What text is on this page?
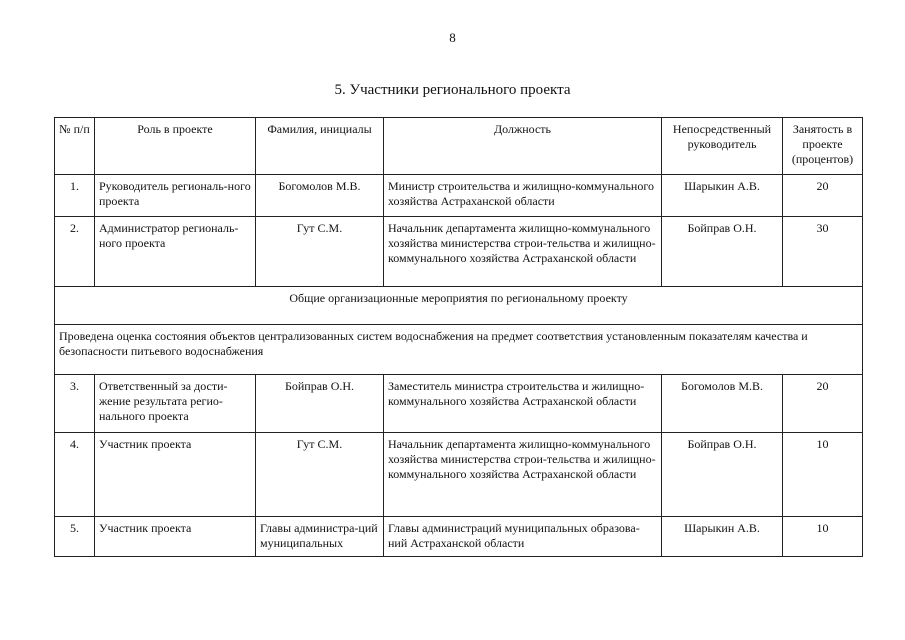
8
5. Участники регионального проекта
№ п/п	Роль в проекте	Фамилия, инициалы	Должность	Непосредственный руководитель	Занятость в проекте (процентов)
1.	Руководитель региональ-ного проекта	Богомолов М.В.	Министр строительства и жилищно-коммунального хозяйства Астраханской области	Шарыкин А.В.	20
2.	Администратор региональ-ного проекта	Гут С.М.	Начальник департамента жилищно-коммунального хозяйства министерства строи-тельства и жилищно-коммунального хозяйства Астраханской области	Бойправ О.Н.	30
Общие организационные мероприятия по региональному проекту					
Проведена оценка состояния объектов централизованных систем водоснабжения на предмет соответствия установленным показателям качества и безопасности питьевого водоснабжения					
3.	Ответственный за дости-жение результата регио-нального проекта	Бойправ О.Н.	Заместитель министра строительства и жилищно-коммунального хозяйства Астраханской области	Богомолов М.В.	20
4.	Участник проекта	Гут С.М.	Начальник департамента жилищно-коммунального хозяйства министерства строи-тельства и жилищно-коммунального хозяйства Астраханской области	Бойправ О.Н.	10
5.	Участник проекта	Главы администра-ций муниципальных	Главы администраций муниципальных образова-ний Астраханской области	Шарыкин А.В.	10
